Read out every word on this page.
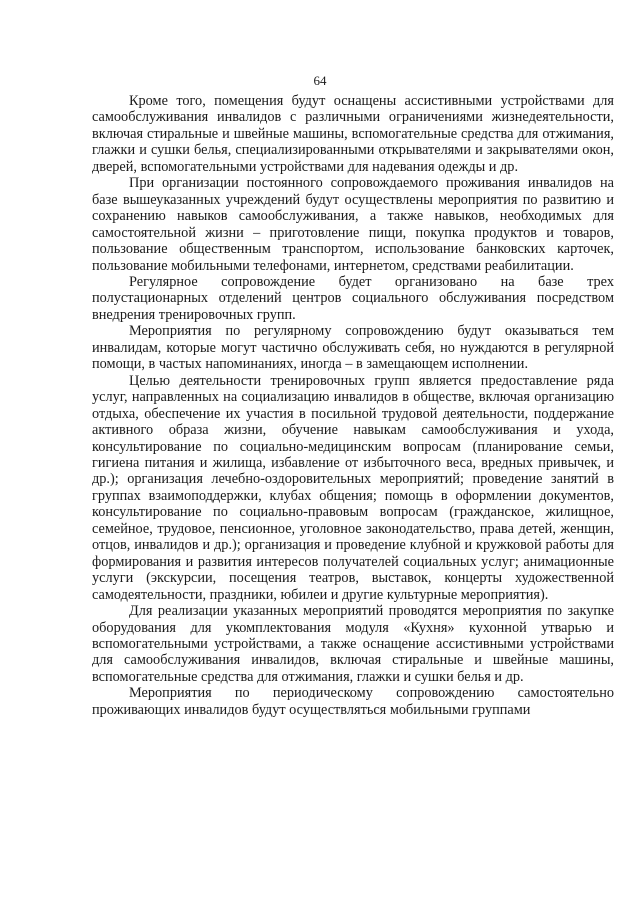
64

Кроме того, помещения будут оснащены ассистивными устройствами для самообслуживания инвалидов с различными ограничениями жизнедеятельности, включая стиральные и швейные машины, вспомогательные средства для отжимания, глажки и сушки белья, специализированными открывателями и закрывателями окон, дверей, вспомогательными устройствами для надевания одежды и др.

При организации постоянного сопровождаемого проживания инвалидов на базе вышеуказанных учреждений будут осуществлены мероприятия по развитию и сохранению навыков самообслуживания, а также навыков, необходимых для самостоятельной жизни – приготовление пищи, покупка продуктов и товаров, пользование общественным транспортом, использование банковских карточек, пользование мобильными телефонами, интернетом, средствами реабилитации.

Регулярное сопровождение будет организовано на базе трех полустационарных отделений центров социального обслуживания посредством внедрения тренировочных групп.

Мероприятия по регулярному сопровождению будут оказываться тем инвалидам, которые могут частично обслуживать себя, но нуждаются в регулярной помощи, в частых напоминаниях, иногда – в замещающем исполнении.

Целью деятельности тренировочных групп является предоставление ряда услуг, направленных на социализацию инвалидов в обществе, включая организацию отдыха, обеспечение их участия в посильной трудовой деятельности, поддержание активного образа жизни, обучение навыкам самообслуживания и ухода, консультирование по социально-медицинским вопросам (планирование семьи, гигиена питания и жилища, избавление от избыточного веса, вредных привычек, и др.); организация лечебно-оздоровительных мероприятий; проведение занятий в группах взаимоподдержки, клубах общения; помощь в оформлении документов, консультирование по социально-правовым вопросам (гражданское, жилищное, семейное, трудовое, пенсионное, уголовное законодательство, права детей, женщин, отцов, инвалидов и др.); организация и проведение клубной и кружковой работы для формирования и развития интересов получателей социальных услуг; анимационные услуги (экскурсии, посещения театров, выставок, концерты художественной самодеятельности, праздники, юбилеи и другие культурные мероприятия).

Для реализации указанных мероприятий проводятся мероприятия по закупке оборудования для укомплектования модуля «Кухня» кухонной утварью и вспомогательными устройствами, а также оснащение ассистивными устройствами для самообслуживания инвалидов, включая стиральные и швейные машины, вспомогательные средства для отжимания, глажки и сушки белья и др.

Мероприятия по периодическому сопровождению самостоятельно проживающих инвалидов будут осуществляться мобильными группами
